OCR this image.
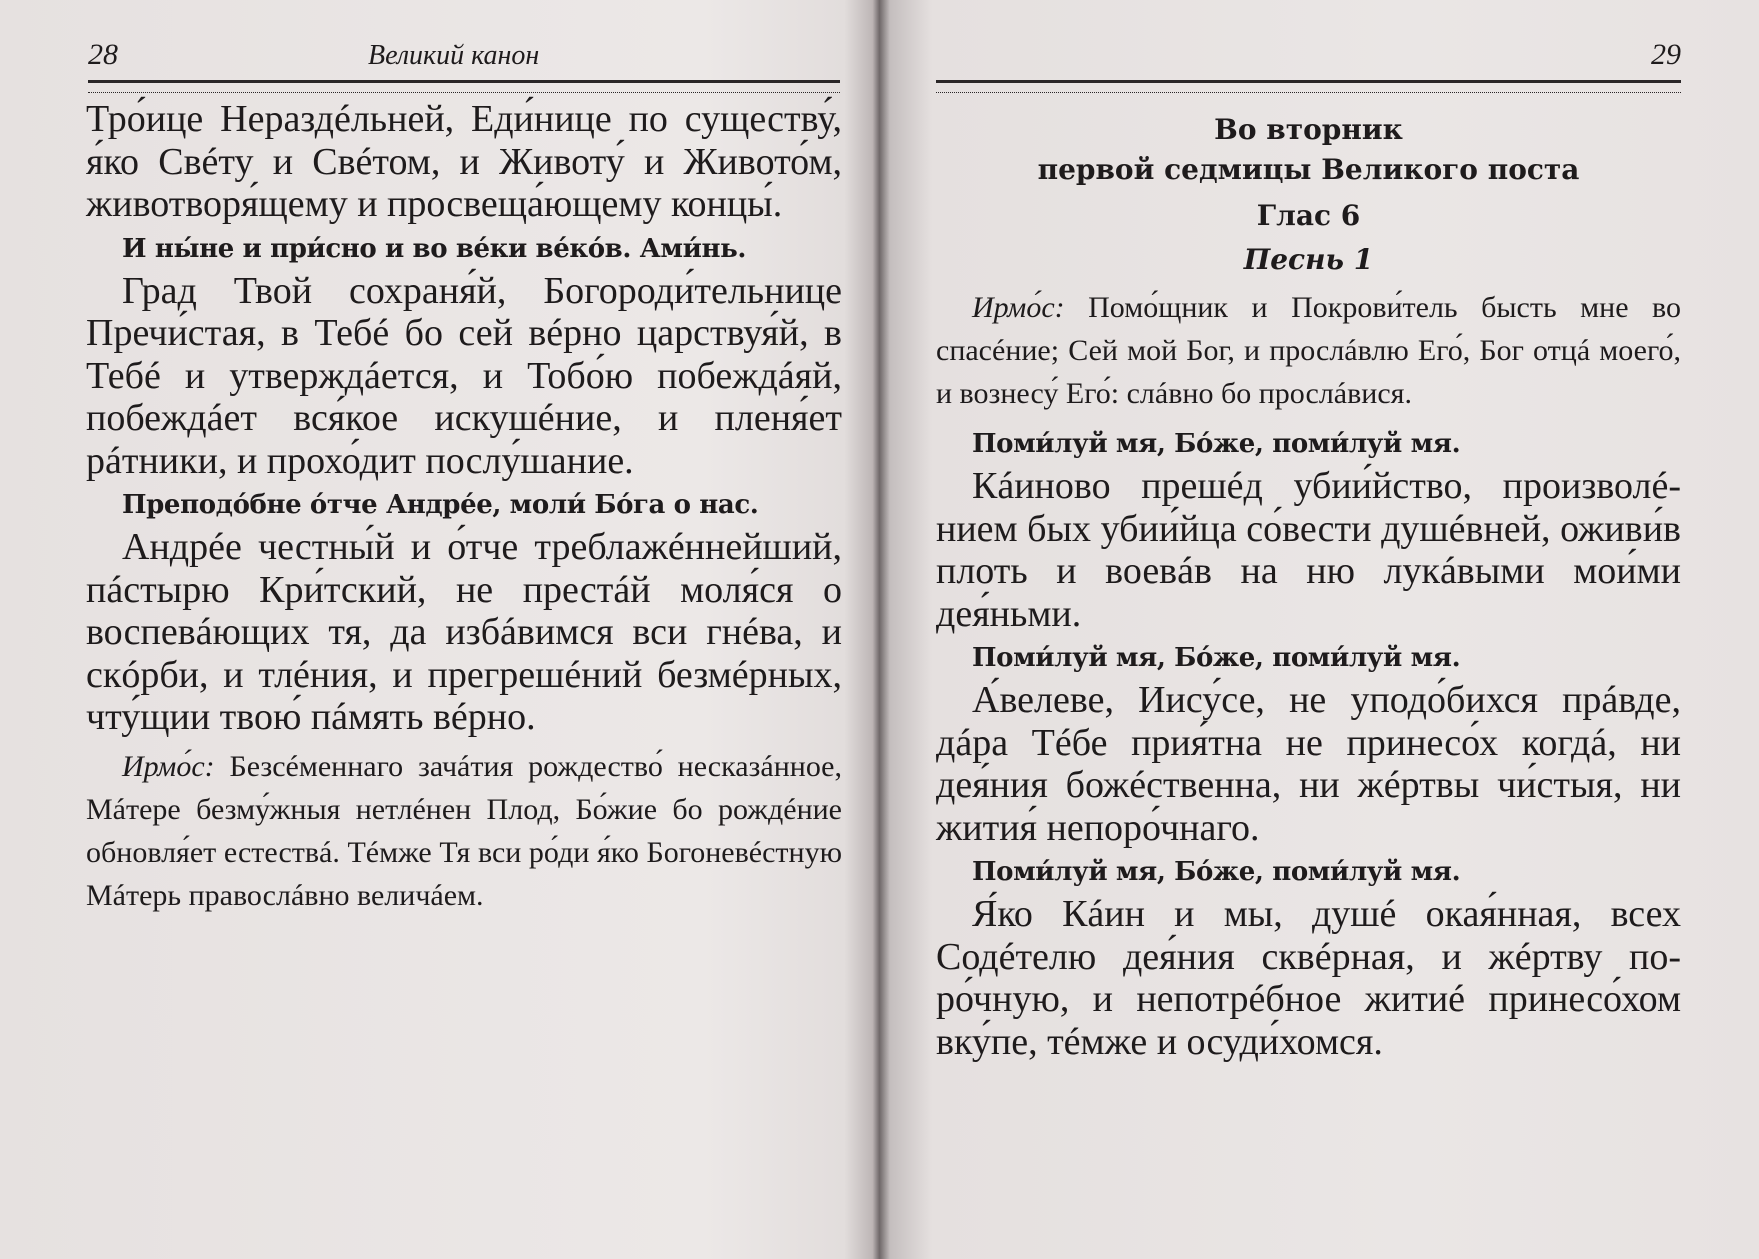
28	Великий канон

Тро́ице Нераздéльней, Еди́нице по существу́, я́ко Свéту и Свéтом, и Животу́ и Живото́м, животворя́щему и просвеща́ющему концы́.

И ны́не и при́сно и во вéки вéко́в. Ами́нь.

Град Твой сохраня́й, Богороди́тельнице Пречи́стая, в Тебé бо сей вéрно царствуя́й, в Тебé и утверждáется, и Тобо́ю побеждáяй, побеждáет вся́кое искушéние, и пленя́ет рáтники, и прохо́дит послу́шание.

Преподо́бне о́тче Андрéе, моли́ Бо́га о нас.

Андрéе честны́й и о́тче треблажéннейший, пáстырю Кри́тский, не престáй моля́ся о воспевáющих тя, да избáвимся вси гнéва, и скóрби, и тлéния, и прегрешéний безмéрных, чту́щии твою́ пáмять вéрно.

Ирмо́с: Безсéменнаго зачáтия рождество́ несказáнное, Мáтере безму́жныя нетлéнен Плод, Бо́жие бо рождéние обновля́ет естествá. Тéмже Тя вси ро́ди я́ко Богоневéстную Мáтерь правослáвно величáем.

29

Во вторник

первой седмицы Великого поста

Глас 6

Песнь 1

Ирмо́с: Помо́щник и Покрови́тель бысть мне во спасéние; Сей мой Бог, и прослáвлю Его́, Бог отцá моего́, и вознесу́ Его́: слáвно бо прослáвися.

Поми́луй мя, Бо́же, поми́луй мя.

Кáиново прешéд убии́йство, произволéнием бых убии́йца со́вести душéвней, оживи́в плоть и воевáв на ню лукáвыми мои́ми дея́ньми.

Поми́луй мя, Бо́же, поми́луй мя.

А́велеве, Иису́се, не уподо́бихся прáвде, дáра Тéбе прия́тна не принесо́х когдá, ни дея́ния божéственна, ни жéртвы чи́стыя, ни жития́ непоро́чнаго.

Поми́луй мя, Бо́же, поми́луй мя.

Я́ко Кáин и мы, душé окая́нная, всех Содéтелю дея́ния сквéрная, и жéртву поро́чную, и непотрéбное житиé принесо́хом вку́пе, тéмже и осуди́хомся.
